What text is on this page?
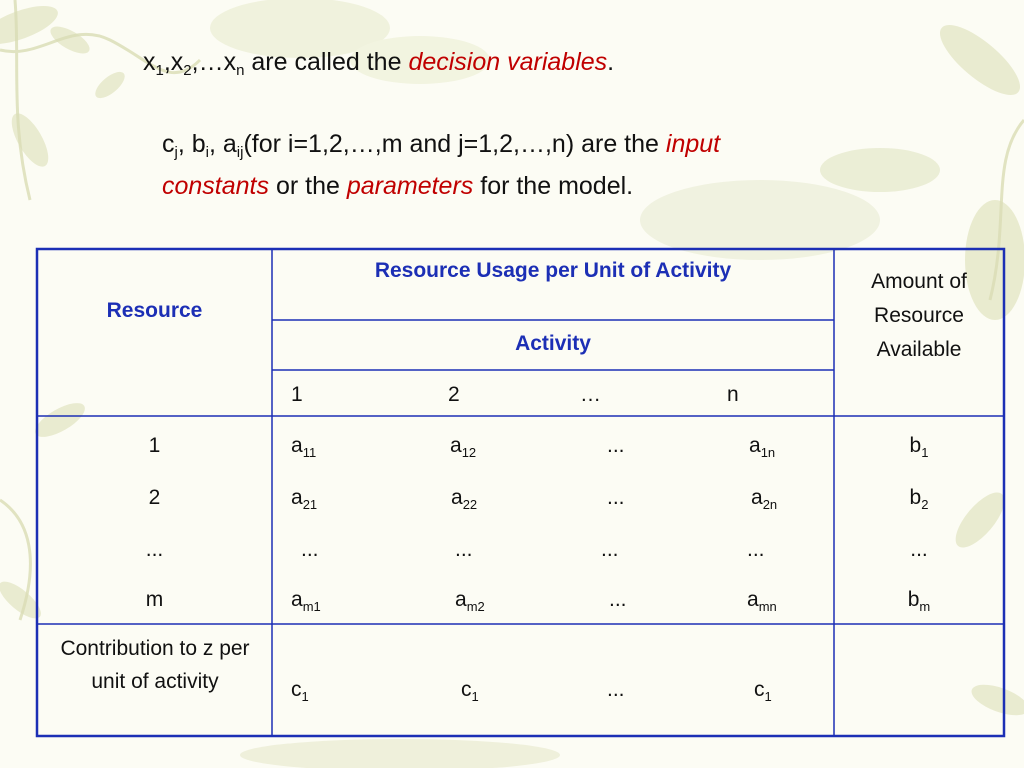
$x_1,x_2,\dots x_n$ are called the decision variables.
$c_j$, $b_i$, $a_{ij}(for$ i=1,2,…,m and j=1,2,…,n) are the input
constants or the parameters for the model.
Resource
Resource Usage per Unit of Activity
Activity
Amount of Resource Available
1	2	…	n
1	$a_{11}$	$a_{12}$	...	$a_{1n}$	$b_1$
2	$a_{21}$	$a_{22}$	...	$a_{2n}$	$b_2$
...	...	...	...	...	...
m	$a_{m1}$	$a_{m2}$	...	$a_{mn}$	$b_m$
Contribution to z per unit of activity	$c_1$	$c_1$	...	$c_1$
